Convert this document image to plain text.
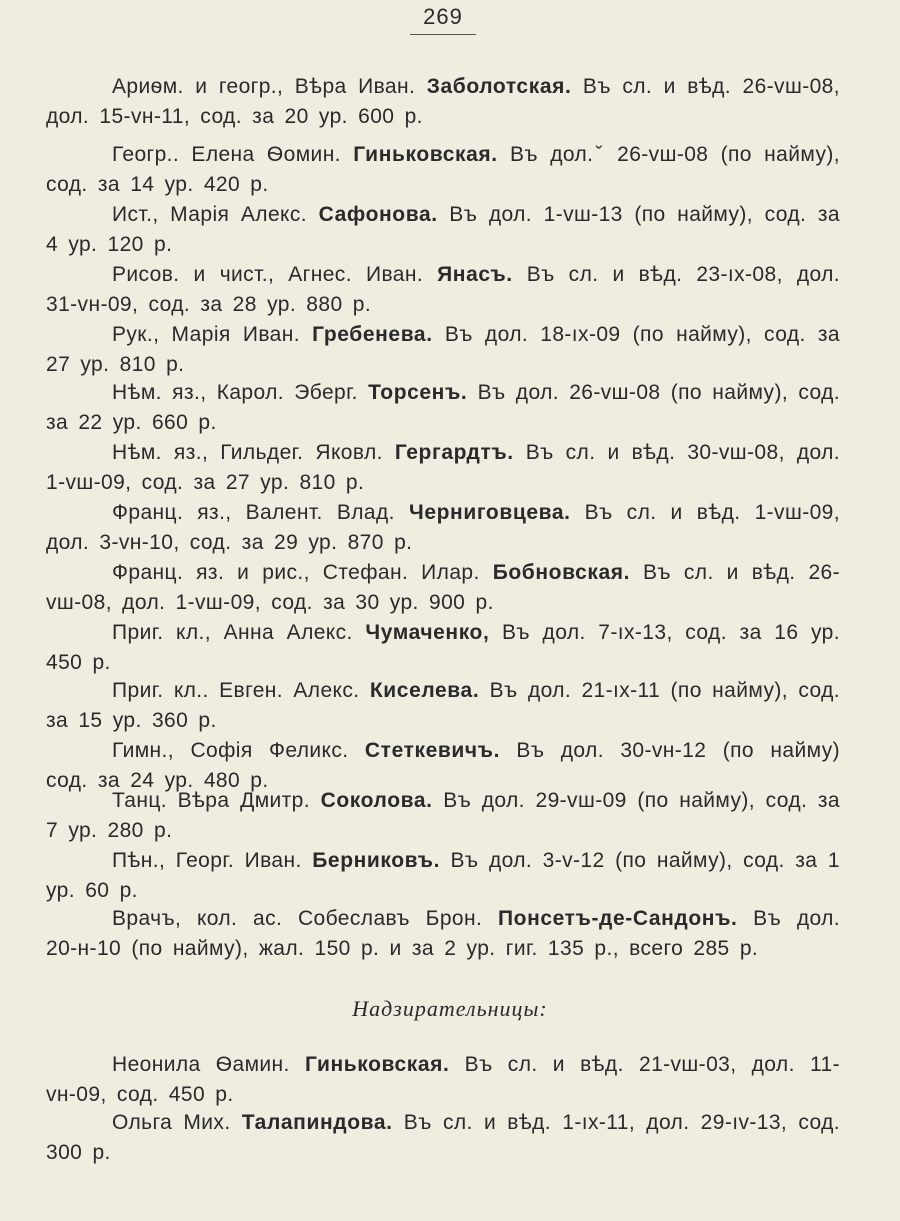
269
Ариѳм. и геогр., Вѣра Иван. Заболотская. Въ сл. и вѣд. 26-vш-08, дол. 15-vн-11, сод. за 20 ур. 600 р.
Геогр.. Елена Ѳомин. Гиньковская. Въ дол.ˇ 26-vш-08 (по найму), сод. за 14 ур. 420 р.
Ист., Марія Алекс. Сафонова. Въ дол. 1-vш-13 (по найму), сод. за 4 ур. 120 р.
Рисов. и чист., Агнес. Иван. Янасъ. Въ сл. и вѣд. 23-ıx-08, дол. 31-vн-09, сод. за 28 ур. 880 р.
Рук., Марія Иван. Гребенева. Въ дол. 18-ıx-09 (по найму), сод. за 27 ур. 810 р.
Нѣм. яз., Карол. Эберг. Торсенъ. Въ дол. 26-vш-08 (по найму), сод. за 22 ур. 660 р.
Нѣм. яз., Гильдег. Яковл. Гергардтъ. Въ сл. и вѣд. 30-vш-08, дол. 1-vш-09, сод. за 27 ур. 810 р.
Франц. яз., Валент. Влад. Черниговцева. Въ сл. и вѣд. 1-vш-09, дол. 3-vн-10, сод. за 29 ур. 870 р.
Франц. яз. и рис., Стефан. Илар. Бобновская. Въ сл. и вѣд. 26-vш-08, дол. 1-vш-09, сод. за 30 ур. 900 р.
Приг. кл., Анна Алекс. Чумаченко, Въ дол. 7-ıx-13, сод. за 16 ур. 450 р.
Приг. кл.. Евген. Алекс. Киселева. Въ дол. 21-ıx-11 (по найму), сод. за 15 ур. 360 р.
Гимн., Софія Феликс. Стеткевичъ. Въ дол. 30-vн-12 (по найму) сод. за 24 ур. 480 р.
Танц. Вѣра Дмитр. Соколова. Въ дол. 29-vш-09 (по найму), сод. за 7 ур. 280 р.
Пѣн., Георг. Иван. Берниковъ. Въ дол. 3-v-12 (по найму), сод. за 1 ур. 60 р.
Врачъ, кол. ас. Собеславъ Брон. Понсетъ-де-Сандонъ. Въ дол. 20-н-10 (по найму), жал. 150 р. и за 2 ур. гиг. 135 р., всего 285 р.
Надзирательницы:
Неонила Ѳамин. Гиньковская. Въ сл. и вѣд. 21-vш-03, дол. 11-vн-09, сод. 450 р.
Ольга Мих. Талапиндова. Въ сл. и вѣд. 1-ıx-11, дол. 29-ıv-13, сод. 300 р.
